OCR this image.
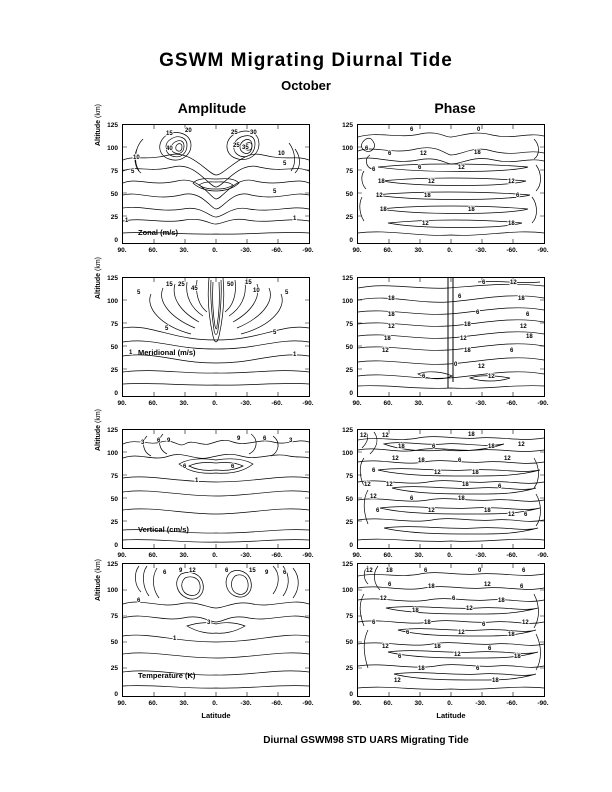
GSWM Migrating Diurnal Tide
October
Amplitude	Phase
Altitude (km)
125
100
75
50
25
0
15 20
40
25 30
25 35
10
5
10
5
5
1
1
Zonal (m/s)
90.	60.	30.	0.	-30.	-60.	-90.
125
100
75
50
25
0
6	0
6
6	12	18
6	6	12
18	12	12
12	18	6
18	18
12	18
90.	60.	30.	0.	-30.	-60.	-90.
Altitude (km)
125
100
75
50
25
0
15 25
45
50 15
10
5	5
5
5
1	1
Meridional (m/s)
90.	60.	30.	0.	-30.	-60.	-90.
125
100
75
50
25
0
6	12
18	6	18
18	6	6
12	18	12
18	12	18
12	18	6
0	12
6	12
90.	60.	30.	0.	-30.	-60.	-90.
Altitude (km)
125
100
75
50
25
0
3 6 9	9	6	3
6	6
1
Vertical (cm/s)
90.	60.	30.	0.	-30.	-60.	-90.
125
100
75
50
25
0
12	12	18
18	6	18	12
12	18	6	12
6	12	18
12	12	18	6
12	6	18
6	12	18
12 6
90.	60.	30.	0.	-30.	-60.	-90.
Altitude (km) 125
100
75
50
25
0
6 9 12	6	15 9 6
6
3
1
Temperature (K)
90.	60.	30.	0.	-30.	-60.	-90.
Latitude
125
100
75
50
25
0
12 18	6	0	6
6	18	12	6
12	6	18
18	12
6	18	6	12
6	12	18
12	18	6
6	12	18
18	6
12	18
90.	60.	30.	0.	-30.	-60.	-90.
Latitude
Diurnal GSWM98 STD UARS Migrating Tide
